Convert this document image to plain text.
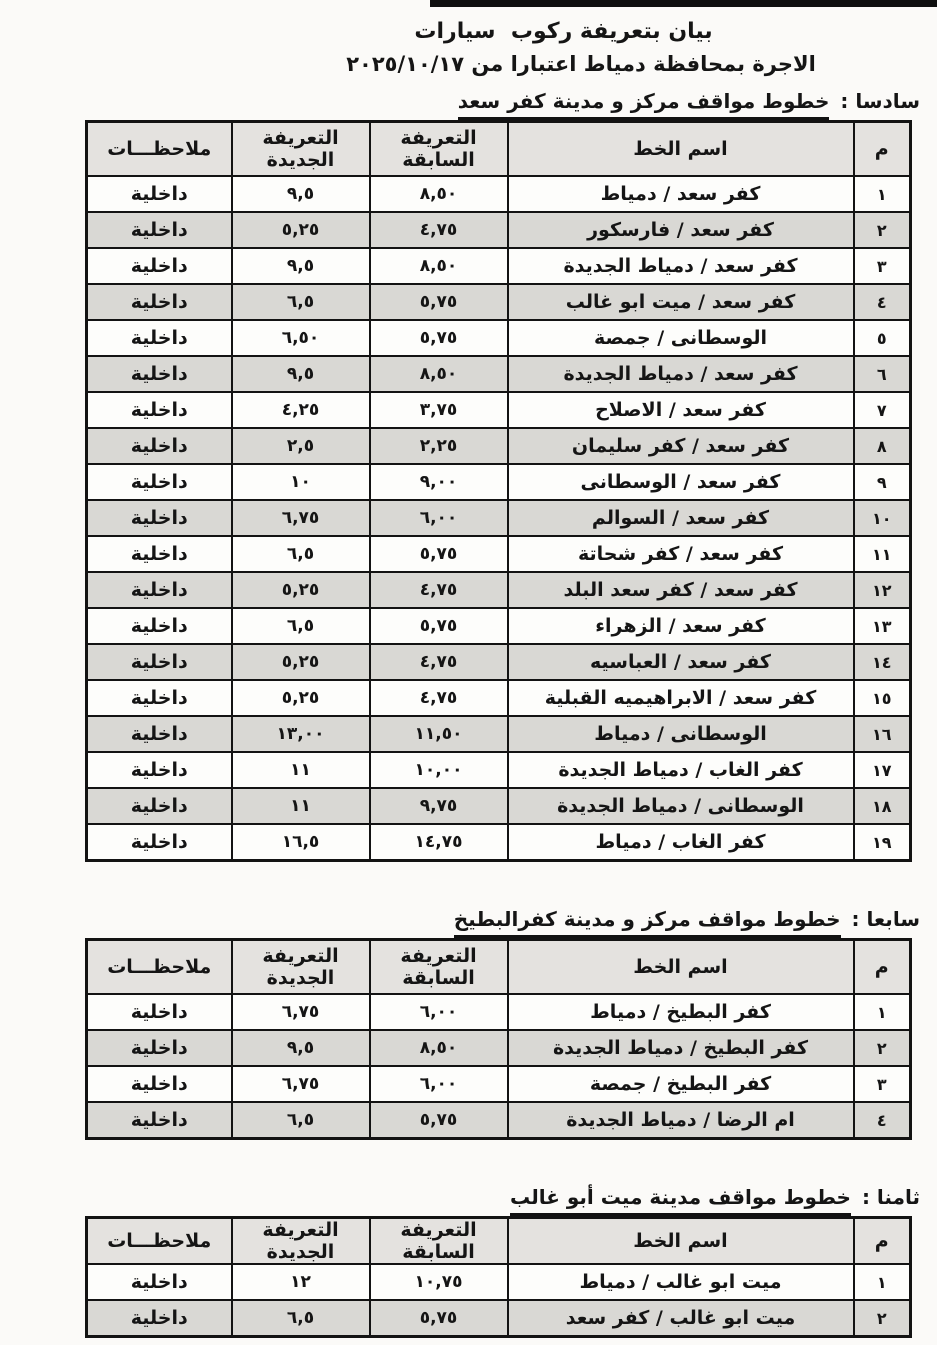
بيان بتعريفة ركوب  سيارات
الاجرة بمحافظة دمياط اعتبارا من ٢٠٢٥/١٠/١٧
سادسا : خطوط مواقف مركز و مدينة كفر سعد
م	اسم الخط	التعريفة السابقة	التعريفة الجديدة	ملاحظـــات
١	كفر سعد / دمياط	٨,٥٠	٩,٥	داخلية
٢	كفر سعد / فارسكور	٤,٧٥	٥,٢٥	داخلية
٣	كفر سعد / دمياط الجديدة	٨,٥٠	٩,٥	داخلية
٤	كفر سعد / ميت ابو غالب	٥,٧٥	٦,٥	داخلية
٥	الوسطانى / جمصة	٥,٧٥	٦,٥٠	داخلية
٦	كفر سعد / دمياط الجديدة	٨,٥٠	٩,٥	داخلية
٧	كفر سعد / الاصلاح	٣,٧٥	٤,٢٥	داخلية
٨	كفر سعد / كفر سليمان	٢,٢٥	٢,٥	داخلية
٩	كفر سعد / الوسطانى	٩,٠٠	١٠	داخلية
١٠	كفر سعد / السوالم	٦,٠٠	٦,٧٥	داخلية
١١	كفر سعد / كفر شحاتة	٥,٧٥	٦,٥	داخلية
١٢	كفر سعد / كفر سعد البلد	٤,٧٥	٥,٢٥	داخلية
١٣	كفر سعد / الزهراء	٥,٧٥	٦,٥	داخلية
١٤	كفر سعد / العباسيه	٤,٧٥	٥,٢٥	داخلية
١٥	كفر سعد / الابراهيميه القبلية	٤,٧٥	٥,٢٥	داخلية
١٦	الوسطانى / دمياط	١١,٥٠	١٣,٠٠	داخلية
١٧	كفر الغاب / دمياط الجديدة	١٠,٠٠	١١	داخلية
١٨	الوسطانى / دمياط الجديدة	٩,٧٥	١١	داخلية
١٩	كفر الغاب / دمياط	١٤,٧٥	١٦,٥	داخلية
سابعا : خطوط مواقف مركز و مدينة كفرالبطيخ
م	اسم الخط	التعريفة السابقة	التعريفة الجديدة	ملاحظـــات
١	كفر البطيخ / دمياط	٦,٠٠	٦,٧٥	داخلية
٢	كفر البطيخ / دمياط الجديدة	٨,٥٠	٩,٥	داخلية
٣	كفر البطيخ / جمصة	٦,٠٠	٦,٧٥	داخلية
٤	ام الرضا / دمياط الجديدة	٥,٧٥	٦,٥	داخلية
ثامنا : خطوط مواقف مدينة ميت أبو غالب
م	اسم الخط	التعريفة السابقة	التعريفة الجديدة	ملاحظـــات
١	ميت ابو غالب / دمياط	١٠,٧٥	١٢	داخلية
٢	ميت ابو غالب / كفر سعد	٥,٧٥	٦,٥	داخلية
